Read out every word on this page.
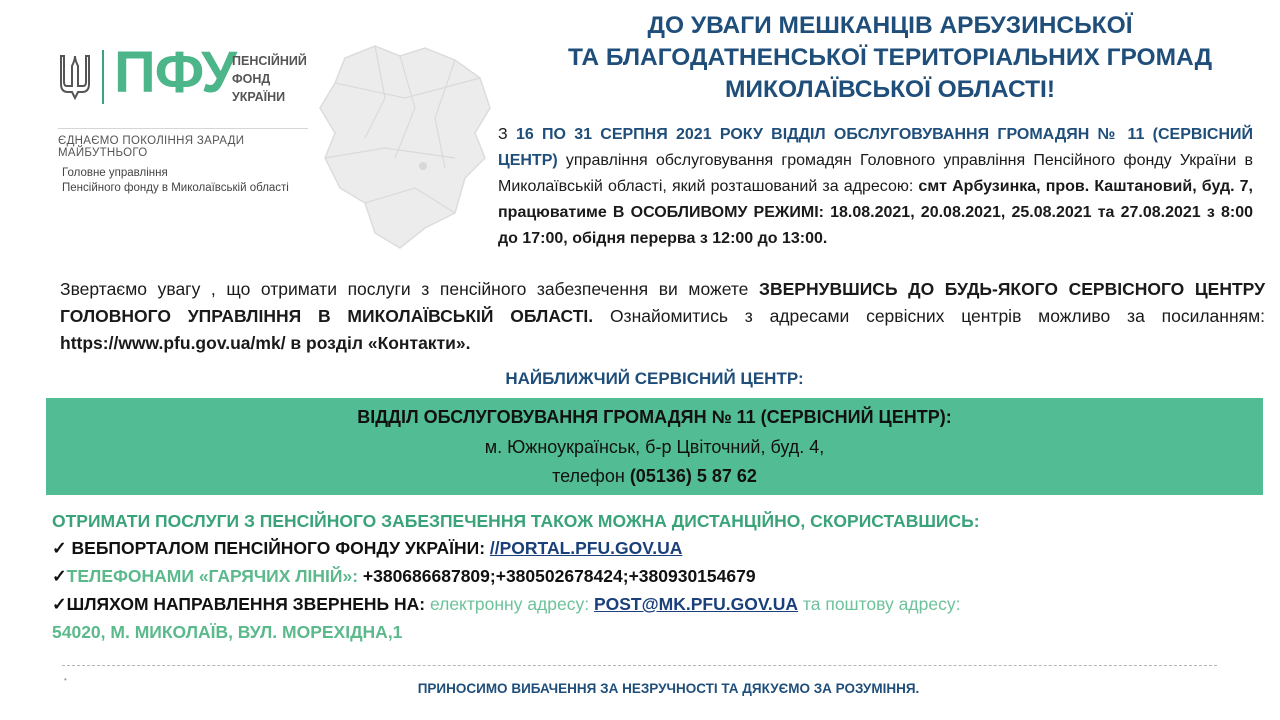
ПФУ
ПЕНСІЙНИЙ
ФОНД
УКРАЇНИ
ЄДНАЄМО ПОКОЛІННЯ ЗАРАДИ МАЙБУТНЬОГО
Головне управління
Пенсійного фонду в Миколаївській області
ДО УВАГИ МЕШКАНЦІВ АРБУЗИНСЬКОЇ
ТА БЛАГОДАТНЕНСЬКОЇ ТЕРИТОРІАЛЬНИХ ГРОМАД
МИКОЛАЇВСЬКОЇ ОБЛАСТІ!
З 16 ПО 31 СЕРПНЯ 2021 РОКУ ВІДДІЛ ОБСЛУГОВУВАННЯ ГРОМАДЯН № 11 (СЕРВІСНИЙ ЦЕНТР) управління обслуговування громадян Головного управління Пенсійного фонду України в Миколаївській області, який розташований за адресою: смт Арбузинка, пров. Каштановий, буд. 7, працюватиме В ОСОБЛИВОМУ РЕЖИМІ: 18.08.2021, 20.08.2021, 25.08.2021 та 27.08.2021 з 8:00 до 17:00, обідня перерва з 12:00 до 13:00.
Звертаємо увагу , що отримати послуги з пенсійного забезпечення ви можете ЗВЕРНУВШИСЬ ДО БУДЬ-ЯКОГО СЕРВІСНОГО ЦЕНТРУ ГОЛОВНОГО УПРАВЛІННЯ В МИКОЛАЇВСЬКІЙ ОБЛАСТІ. Ознайомитись з адресами сервісних центрів можливо за посиланням: https://www.pfu.gov.ua/mk/ в розділ «Контакти».
НАЙБЛИЖЧИЙ СЕРВІСНИЙ ЦЕНТР:
ВІДДІЛ ОБСЛУГОВУВАННЯ ГРОМАДЯН № 11 (СЕРВІСНИЙ ЦЕНТР):
м. Южноукраїнськ, б-р Цвіточний, буд. 4,
телефон (05136) 5 87 62
ОТРИМАТИ ПОСЛУГИ З ПЕНСІЙНОГО ЗАБЕЗПЕЧЕННЯ ТАКОЖ МОЖНА ДИСТАНЦІЙНО, СКОРИСТАВШИСЬ:
✓ ВЕБПОРТАЛОМ ПЕНСІЙНОГО ФОНДУ УКРАЇНИ: //PORTAL.PFU.GOV.UA
✓ТЕЛЕФОНАМИ «ГАРЯЧИХ ЛІНІЙ»: +380686687809;+380502678424;+380930154679
✓ШЛЯХОМ НАПРАВЛЕННЯ ЗВЕРНЕНЬ НА: електронну адресу: POST@MK.PFU.GOV.UA та поштову адресу:
54020, М. МИКОЛАЇВ, ВУЛ. МОРЕХІДНА,1
•
ПРИНОСИМО ВИБАЧЕННЯ ЗА НЕЗРУЧНОСТІ ТА ДЯКУЄМО ЗА РОЗУМІННЯ.
